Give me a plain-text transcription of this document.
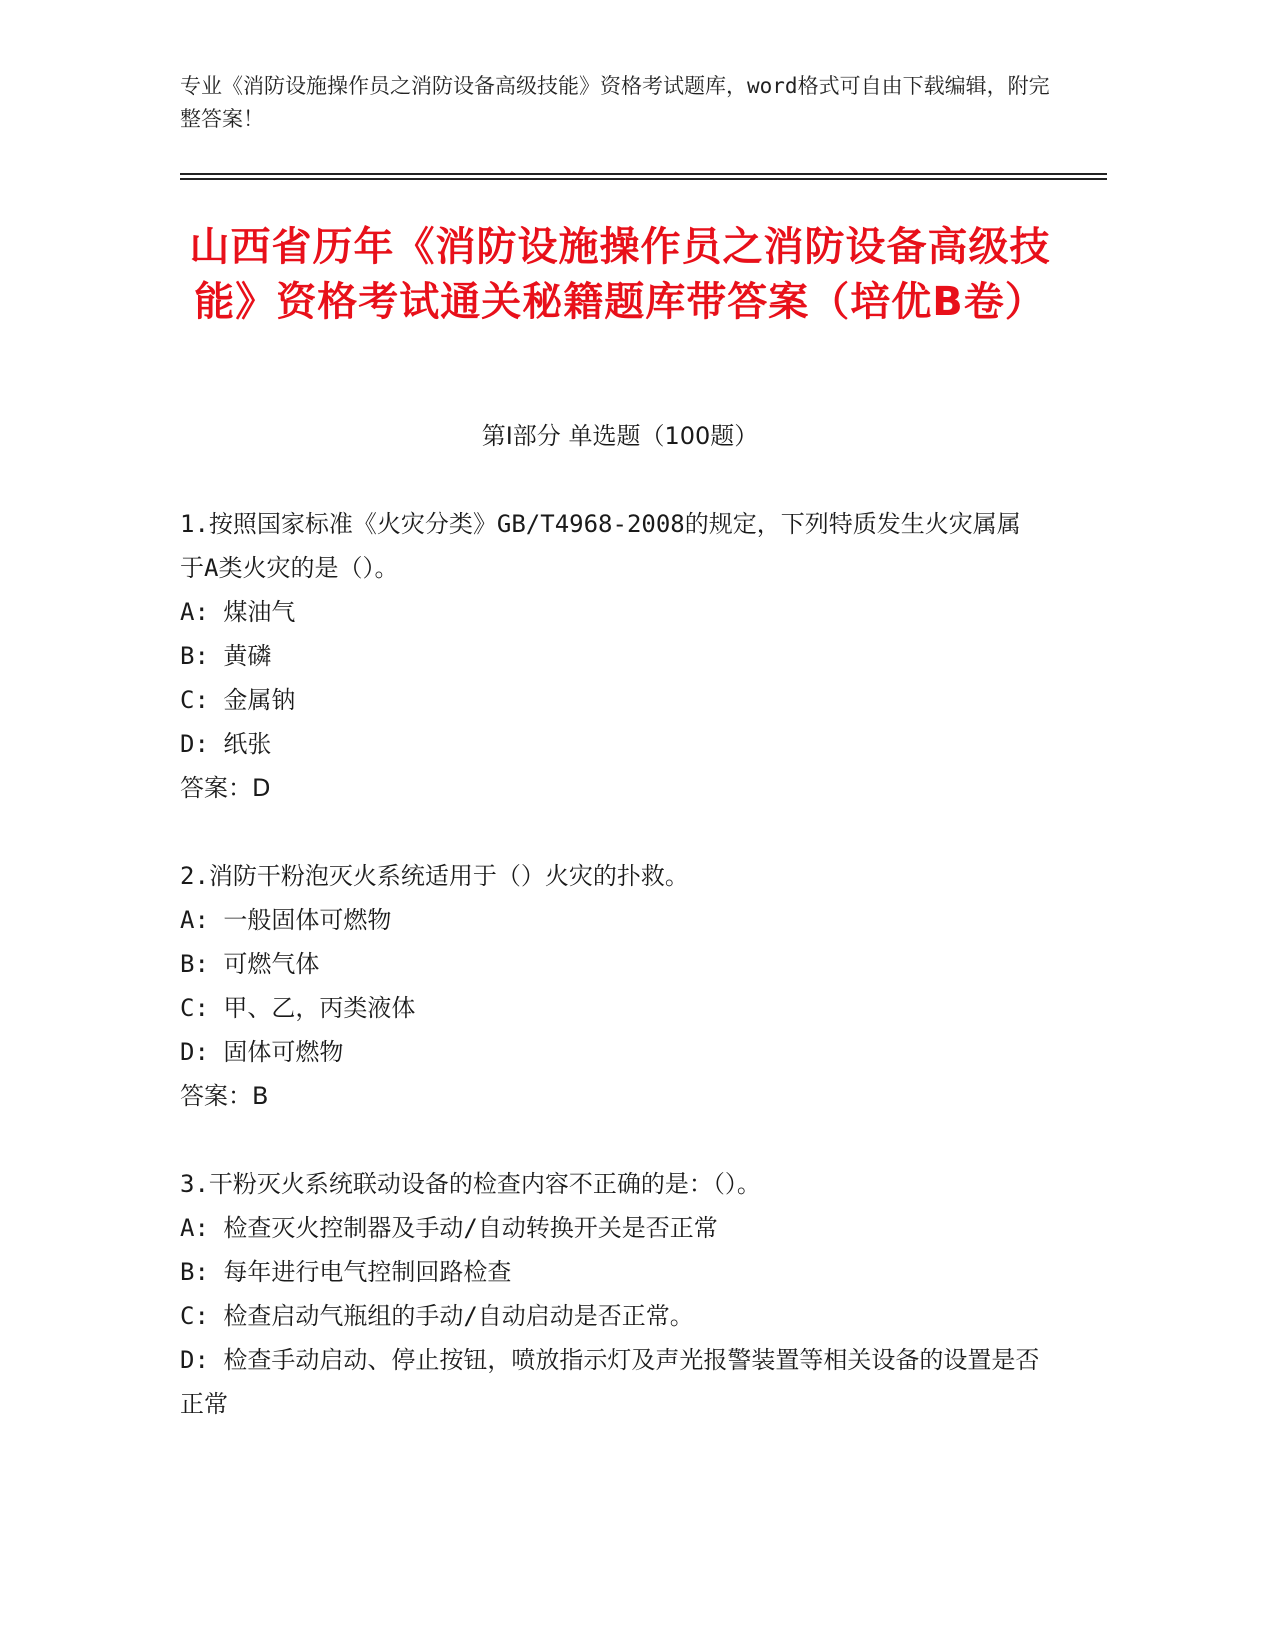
专业《消防设施操作员之消防设备高级技能》资格考试题库，word格式可自由下载编辑，附完整答案！
山西省历年《消防设施操作员之消防设备高级技能》资格考试通关秘籍题库带答案（培优B卷）
第Ⅰ部分 单选题（100题）

1.按照国家标准《火灾分类》GB/T4968-2008的规定，下列特质发生火灾属属于A类火灾的是（）。

A: 煤油气

B: 黄磷

C: 金属钠

D: 纸张

答案：D

2.消防干粉泡灭火系统适用于（）火灾的扑救。

A: 一般固体可燃物

B: 可燃气体

C: 甲、乙，丙类液体

D: 固体可燃物

答案：B

3.干粉灭火系统联动设备的检查内容不正确的是：（）。

A: 检查灭火控制器及手动/自动转换开关是否正常

B: 每年进行电气控制回路检查

C: 检查启动气瓶组的手动/自动启动是否正常。

D: 检查手动启动、停止按钮，喷放指示灯及声光报警装置等相关设备的设置是否正常
